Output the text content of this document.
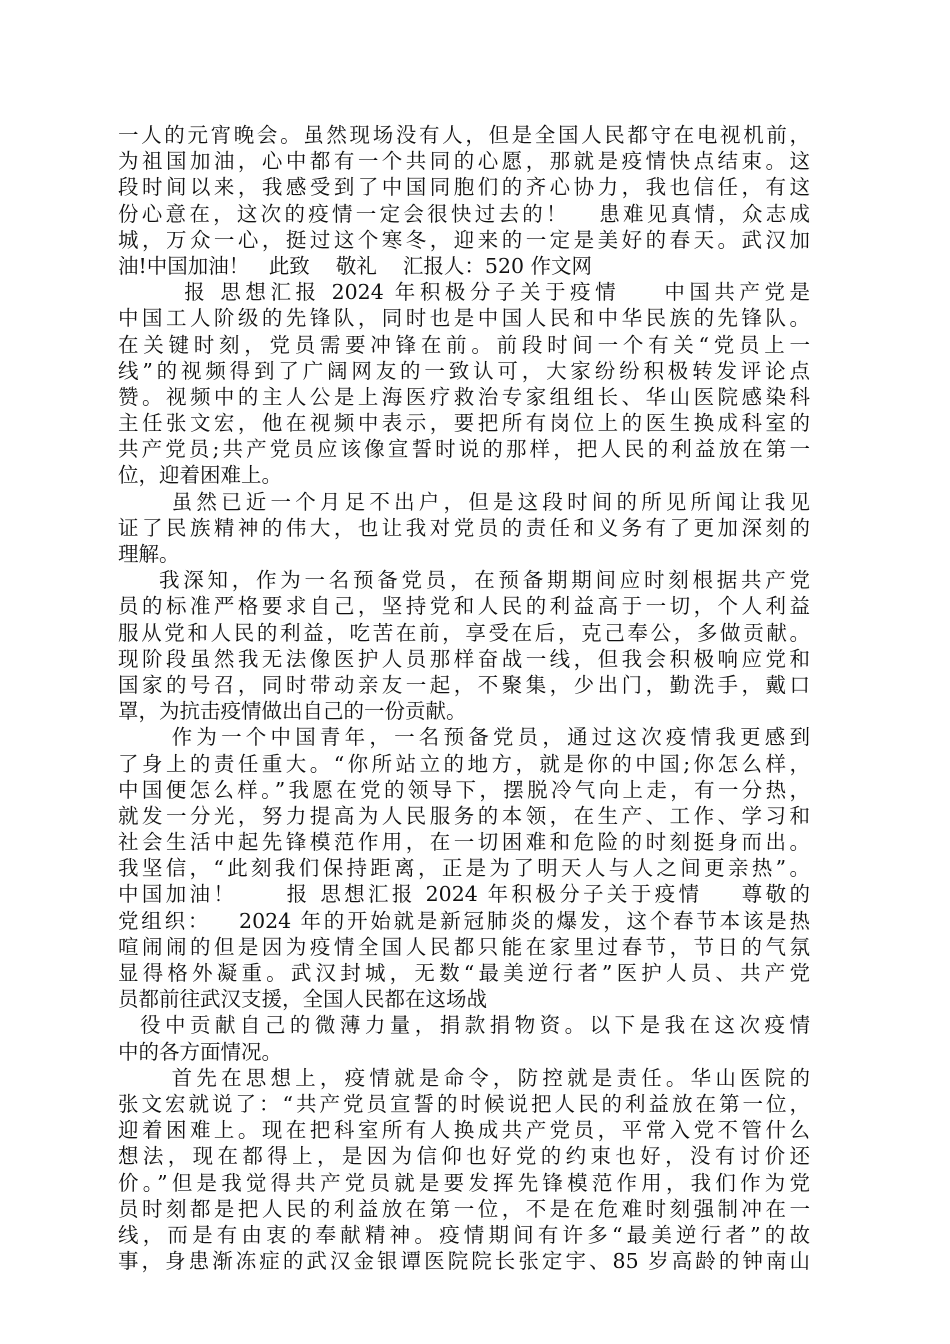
一人的元宵晚会。虽然现场没有人，但是全国人民都守在电视机前，
为祖国加油，心中都有一个共同的心愿，那就是疫情快点结束。这
段时间以来，我感受到了中国同胞们的齐心协力，我也信任，有这
份心意在，这次的疫情一定会很快过去的！   患难见真情，众志成
城，万众一心，挺过这个寒冬，迎来的一定是美好的春天。武汉加
油!中国加油！   此致    敬礼    汇报人：520 作文网
报 思想汇报 2024 年积极分子关于疫情    中国共产党是
中国工人阶级的先锋队，同时也是中国人民和中华民族的先锋队。
在关键时刻，党员需要冲锋在前。前段时间一个有关“党员上一
线”的视频得到了广阔网友的一致认可，大家纷纷积极转发评论点
赞。视频中的主人公是上海医疗救治专家组组长、华山医院感染科
主任张文宏，他在视频中表示，要把所有岗位上的医生换成科室的
共产党员;共产党员应该像宣誓时说的那样，把人民的利益放在第一
位，迎着困难上。
虽然已近一个月足不出户，但是这段时间的所见所闻让我见
证了民族精神的伟大，也让我对党员的责任和义务有了更加深刻的
理解。
我深知，作为一名预备党员，在预备期期间应时刻根据共产党
员的标准严格要求自己，坚持党和人民的利益高于一切，个人利益
服从党和人民的利益，吃苦在前，享受在后，克己奉公，多做贡献。
现阶段虽然我无法像医护人员那样奋战一线，但我会积极响应党和
国家的号召，同时带动亲友一起，不聚集，少出门，勤洗手，戴口
罩，为抗击疫情做出自己的一份贡献。
作为一个中国青年，一名预备党员，通过这次疫情我更感到
了身上的责任重大。“你所站立的地方，就是你的中国;你怎么样，
中国便怎么样。”我愿在党的领导下，摆脱冷气向上走，有一分热，
就发一分光，努力提高为人民服务的本领，在生产、工作、学习和
社会生活中起先锋模范作用，在一切困难和危险的时刻挺身而出。
我坚信，“此刻我们保持距离，正是为了明天人与人之间更亲热”。
中国加油！     报 思想汇报 2024 年积极分子关于疫情    尊敬的
党组织：   2024 年的开始就是新冠肺炎的爆发，这个春节本该是热
喧闹闹的但是因为疫情全国人民都只能在家里过春节，节日的气氛
显得格外凝重。武汉封城，无数“最美逆行者”医护人员、共产党
员都前往武汉支援，全国人民都在这场战
役中贡献自己的微薄力量，捐款捐物资。以下是我在这次疫情
中的各方面情况。
首先在思想上，疫情就是命令，防控就是责任。华山医院的
张文宏就说了：“共产党员宣誓的时候说把人民的利益放在第一位，
迎着困难上。现在把科室所有人换成共产党员，平常入党不管什么
想法，现在都得上，是因为信仰也好党的约束也好，没有讨价还
价。”但是我觉得共产党员就是要发挥先锋模范作用，我们作为党
员时刻都是把人民的利益放在第一位，不是在危难时刻强制冲在一
线，而是有由衷的奉献精神。疫情期间有许多“最美逆行者”的故
事，身患渐冻症的武汉金银谭医院院长张定宇、85 岁高龄的钟南山
